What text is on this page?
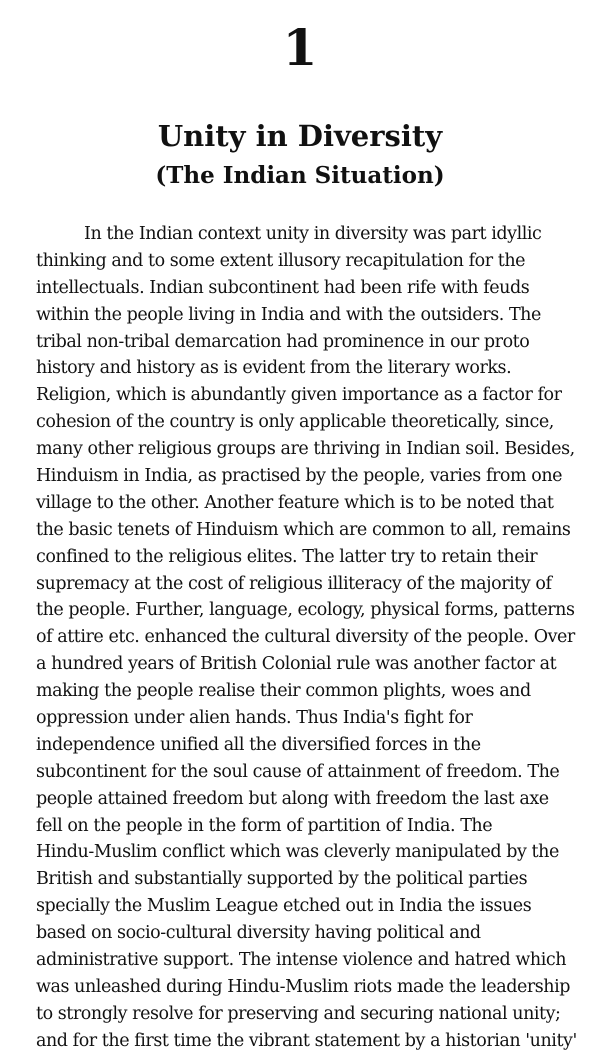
1
Unity in Diversity
(The Indian Situation)
In the Indian context unity in diversity was part idyllic
thinking and to some extent illusory recapitulation for the
intellectuals. Indian subcontinent had been rife with feuds
within the people living in India and with the outsiders. The
tribal non-tribal demarcation had prominence in our proto
history and history as is evident from the literary works.
Religion, which is abundantly given importance as a factor for
cohesion of the country is only applicable theoretically, since,
many other religious groups are thriving in Indian soil. Besides,
Hinduism in India, as practised by the people, varies from one
village to the other. Another feature which is to be noted that
the basic tenets of Hinduism which are common to all, remains
confined to the religious elites. The latter try to retain their
supremacy at the cost of religious illiteracy of the majority of
the people. Further, language, ecology, physical forms, patterns
of attire etc. enhanced the cultural diversity of the people. Over
a hundred years of British Colonial rule was another factor at
making the people realise their common plights, woes and
oppression under alien hands. Thus India's fight for
independence unified all the diversified forces in the
subcontinent for the soul cause of attainment of freedom. The
people attained freedom but along with freedom the last axe
fell on the people in the form of partition of India. The
Hindu-Muslim conflict which was cleverly manipulated by the
British and substantially supported by the political parties
specially the Muslim League etched out in India the issues
based on socio-cultural diversity having political and
administrative support. The intense violence and hatred which
was unleashed during Hindu-Muslim riots made the leadership
to strongly resolve for preserving and securing national unity;
and for the first time the vibrant statement by a historian 'unity'
